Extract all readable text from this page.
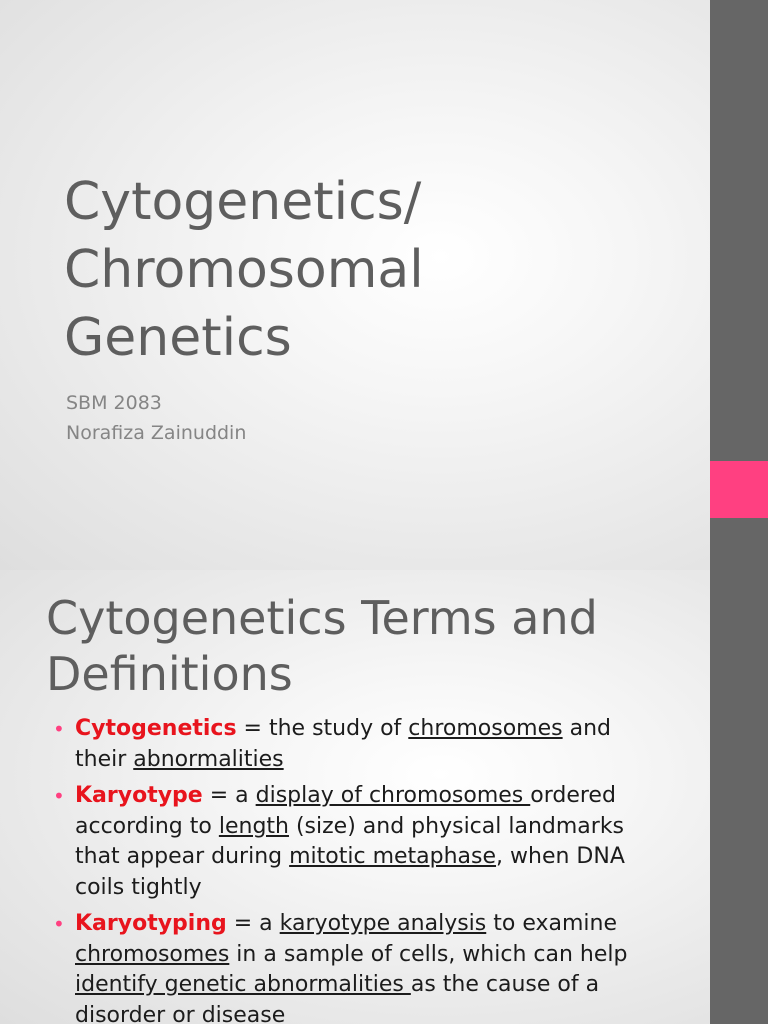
Cytogenetics/
Chromosomal
Genetics
SBM 2083
Norafiza Zainuddin
Cytogenetics Terms and
Definitions
• Cytogenetics = the study of chromosomes and
their abnormalities
• Karyotype = a display of chromosomes ordered
according to length (size) and physical landmarks
that appear during mitotic metaphase, when DNA
coils tightly
• Karyotyping = a karyotype analysis to examine
chromosomes in a sample of cells, which can help
identify genetic abnormalities as the cause of a
disorder or disease
